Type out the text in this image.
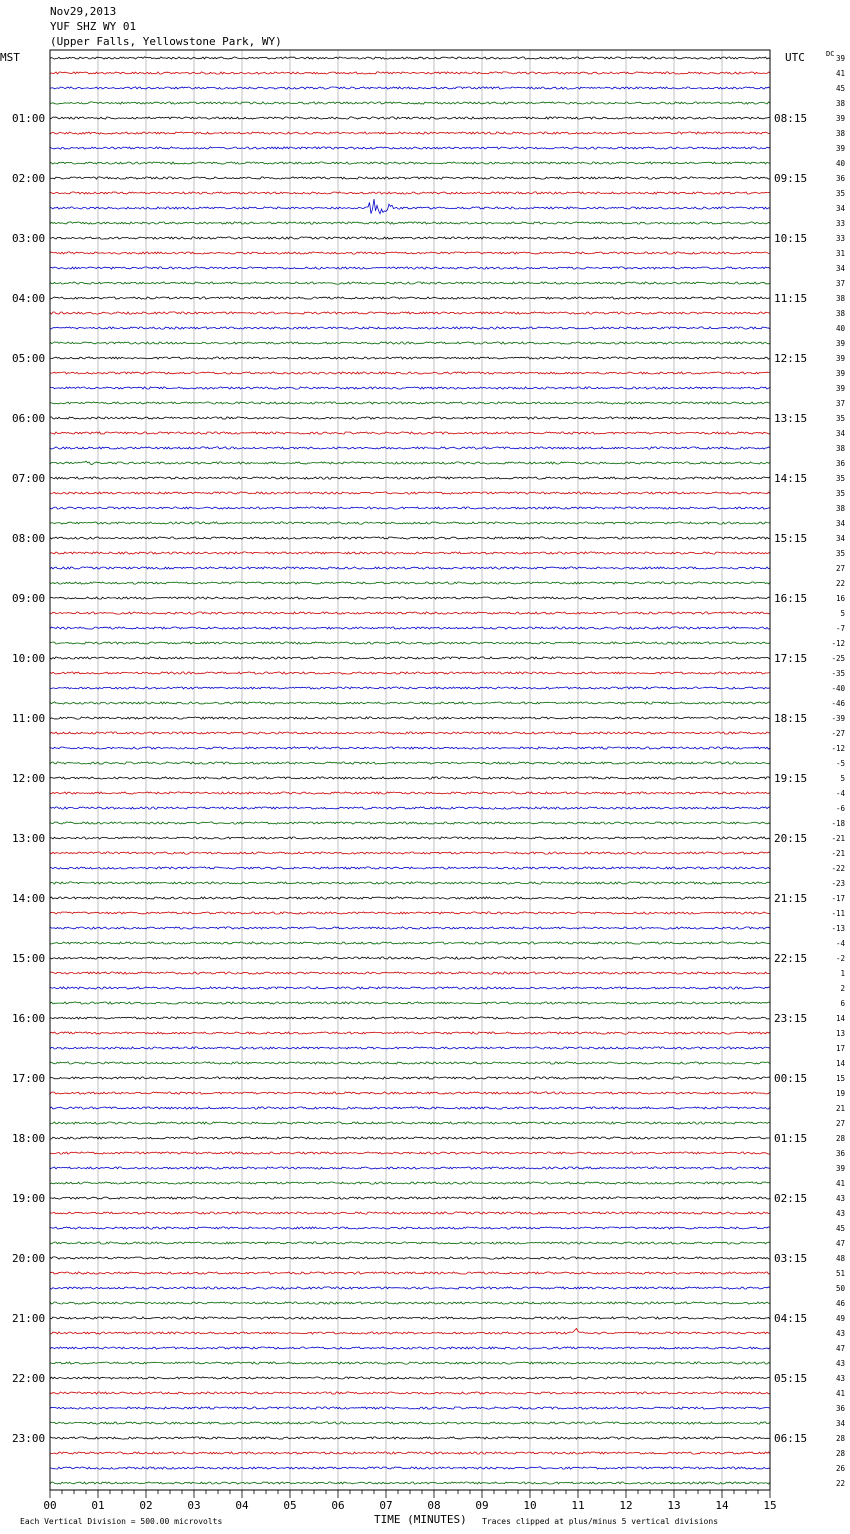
Nov29,2013
YUF SHZ WY 01
(Upper Falls, Yellowstone Park, WY)
MST	UTC	DC
01:00
02:00
03:00
04:00
05:00
06:00
07:00
08:00
09:00
10:00
11:00
12:00
13:00
14:00
15:00
16:00
17:00
18:00
19:00
20:00
21:00
22:00
23:00
08:15
09:15
10:15
11:15
12:15
13:15
14:15
15:15
16:15
17:15
18:15
19:15
20:15
21:15
22:15
23:15
00:15
01:15
02:15
03:15
04:15
05:15
06:15
39
41
45
38
39
38
39
40
36
35
34
33
33
31
34
37
38
38
40
39
39
39
39
37
35
34
38
36
35
35
38
34
34
35
27
22
16
5
-7
-12
-25
-35
-40
-46
-39
-27
-12
-5
5
-4
-6
-18
-21
-21
-22
-23
-17
-11
-13
-4
-2
1
2
6
14
13
17
14
15
19
21
27
28
36
39
41
43
43
45
47
48
51
50
46
49
43
47
43
43
41
36
34
28
28
26
22
00	01	02	03	04	05	06	07	08	09	10	11	12	13	14	15
TIME (MINUTES)
Each Vertical Division = 500.00 microvolts	Traces clipped at plus/minus 5 vertical divisions
